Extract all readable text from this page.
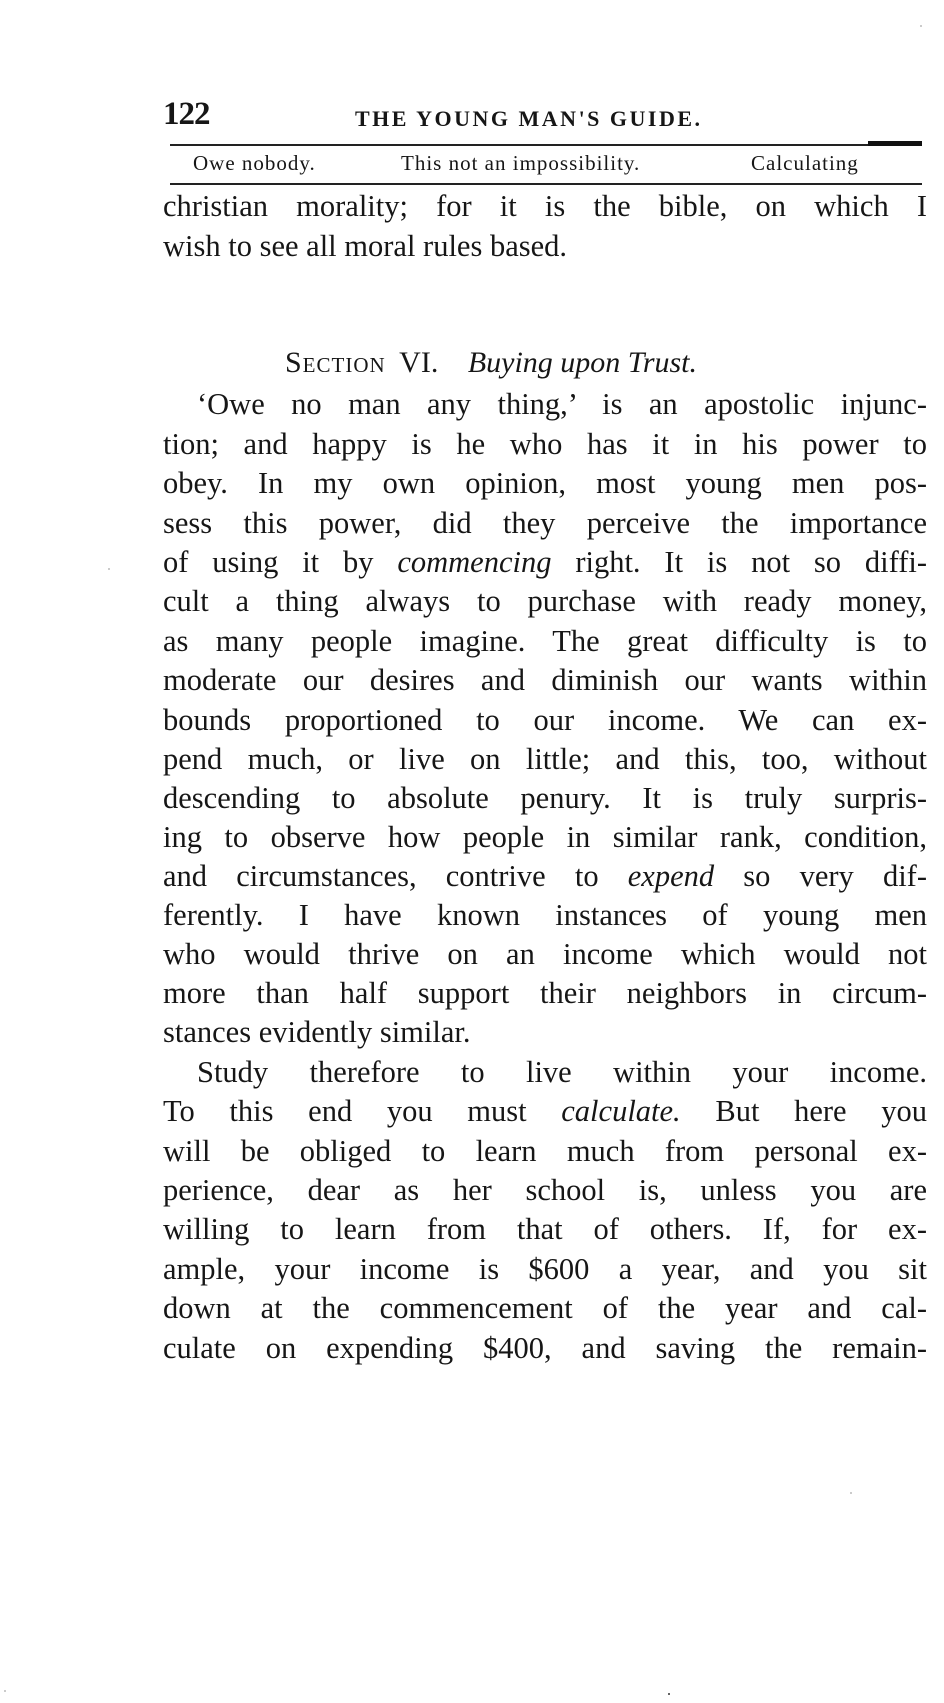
122	THE YOUNG MAN'S GUIDE.
Owe nobody.	This not an impossibility.	Calculating

christian morality; for it is the bible, on which I

wish to see all moral rules based.

Section VI. Buying upon Trust.

‘Owe no man any thing,’ is an apostolic injunc-

tion; and happy is he who has it in his power to

obey. In my own opinion, most young men pos-

sess this power, did they perceive the importance

of using it by commencing right. It is not so diffi-

cult a thing always to purchase with ready money,

as many people imagine. The great difficulty is to

moderate our desires and diminish our wants within

bounds proportioned to our income. We can ex-

pend much, or live on little; and this, too, without

descending to absolute penury. It is truly surpris-

ing to observe how people in similar rank, condition,

and circumstances, contrive to expend so very dif-

ferently. I have known instances of young men

who would thrive on an income which would not

more than half support their neighbors in circum-

stances evidently similar.

Study therefore to live within your income.

To this end you must calculate. But here you

will be obliged to learn much from personal ex-

perience, dear as her school is, unless you are

willing to learn from that of others. If, for ex-

ample, your income is $600 a year, and you sit

down at the commencement of the year and cal-

culate on expending $400, and saving the remain-
